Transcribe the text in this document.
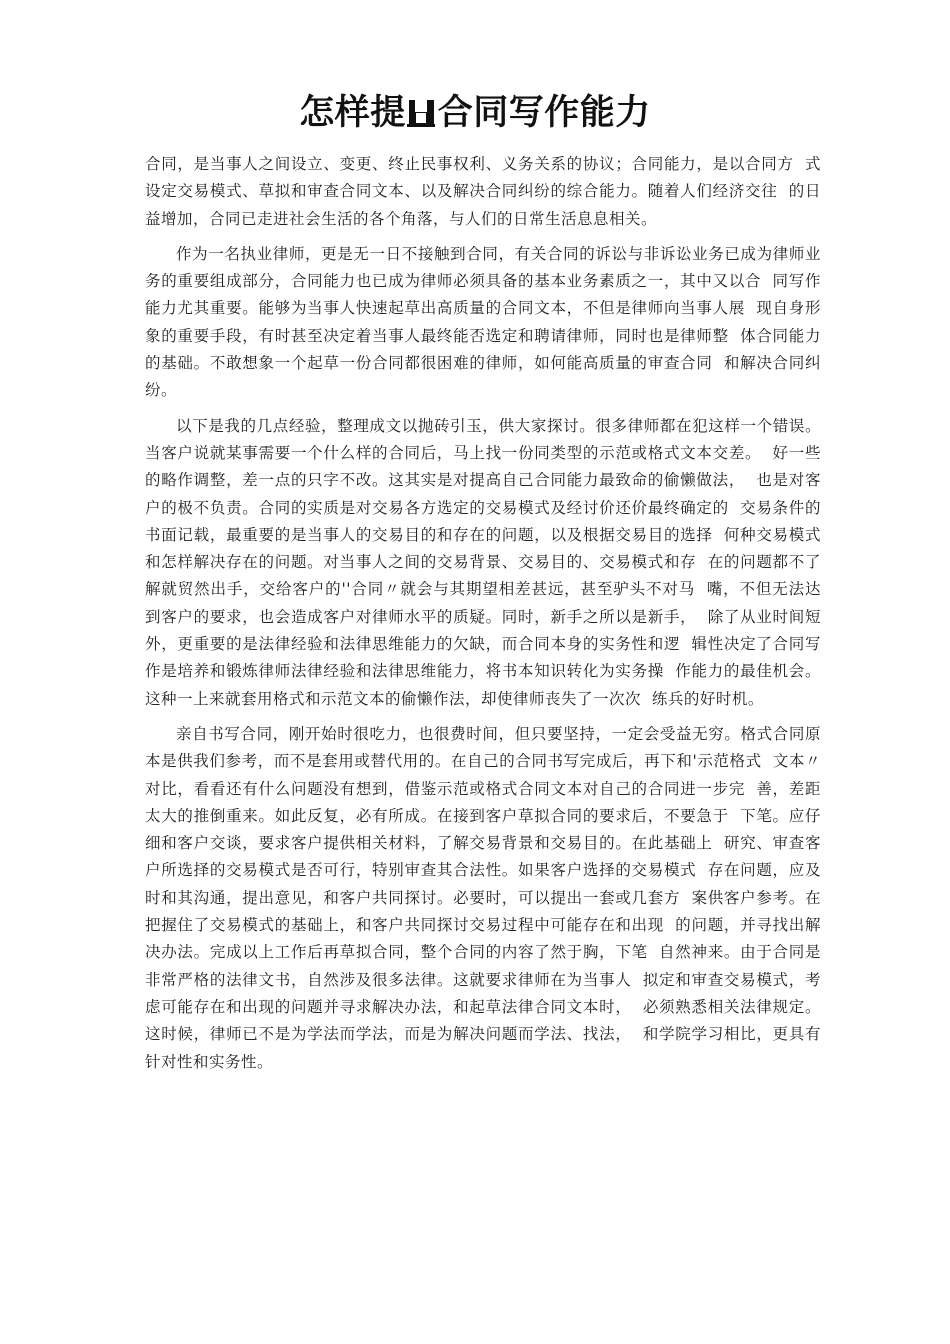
怎样提 合同写作能力

合同，是当事人之间设立、变更、终止民事权利、义务关系的协议；合同能力，是以合同方  式设定交易模式、草拟和审查合同文本、以及解决合同纠纷的综合能力。随着人们经济交往  的日益增加，合同已走进社会生活的各个角落，与人们的日常生活息息相关。

作为一名执业律师，更是无一日不接触到合同，有关合同的诉讼与非诉讼业务已成为律师业务的重要组成部分，合同能力也已成为律师必须具备的基本业务素质之一，其中又以合  同写作能力尤其重要。能够为当事人快速起草出高质量的合同文本，不但是律师向当事人展  现自身形象的重要手段，有时甚至决定着当事人最终能否选定和聘请律师，同时也是律师整  体合同能力的基础。不敢想象一个起草一份合同都很困难的律师，如何能高质量的审查合同  和解决合同纠纷。

以下是我的几点经验，整理成文以抛砖引玉，供大家探讨。很多律师都在犯这样一个错误。当客户说就某事需要一个什么样的合同后，马上找一份同类型的示范或格式文本交差。  好一些的略作调整，差一点的只字不改。这其实是对提高自己合同能力最致命的偷懒做法，  也是对客户的极不负责。合同的实质是对交易各方选定的交易模式及经讨价还价最终确定的  交易条件的书面记载，最重要的是当事人的交易目的和存在的问题，以及根据交易目的选择  何种交易模式和怎样解决存在的问题。对当事人之间的交易背景、交易目的、交易模式和存  在的问题都不了解就贸然出手，交给客户的''合同〃就会与其期望相差甚远，甚至驴头不对马  嘴，不但无法达到客户的要求，也会造成客户对律师水平的质疑。同时，新手之所以是新手，  除了从业时间短外，更重要的是法律经验和法律思维能力的欠缺，而合同本身的实务性和逻  辑性决定了合同写作是培养和锻炼律师法律经验和法律思维能力，将书本知识转化为实务操  作能力的最佳机会。这种一上来就套用格式和示范文本的偷懒作法，却使律师丧失了一次次  练兵的好时机。

亲自书写合同，刚开始时很吃力，也很费时间，但只要坚持，一定会受益无穷。格式合同原本是供我们参考，而不是套用或替代用的。在自己的合同书写完成后，再下和'示范格式  文本〃对比，看看还有什么问题没有想到，借鉴示范或格式合同文本对自己的合同进一步完  善，差距太大的推倒重来。如此反复，必有所成。在接到客户草拟合同的要求后，不要急于  下笔。应仔细和客户交谈，要求客户提供相关材料，了解交易背景和交易目的。在此基础上  研究、审查客户所选择的交易模式是否可行，特别审查其合法性。如果客户选择的交易模式  存在问题，应及时和其沟通，提出意见，和客户共同探讨。必要时，可以提出一套或几套方  案供客户参考。在把握住了交易模式的基础上，和客户共同探讨交易过程中可能存在和出现  的问题，并寻找出解决办法。完成以上工作后再草拟合同，整个合同的内容了然于胸，下笔  自然神来。由于合同是非常严格的法律文书，自然涉及很多法律。这就要求律师在为当事人  拟定和审查交易模式，考虑可能存在和出现的问题并寻求解决办法，和起草法律合同文本时，  必须熟悉相关法律规定。这时候，律师已不是为学法而学法，而是为解决问题而学法、找法，  和学院学习相比，更具有针对性和实务性。
